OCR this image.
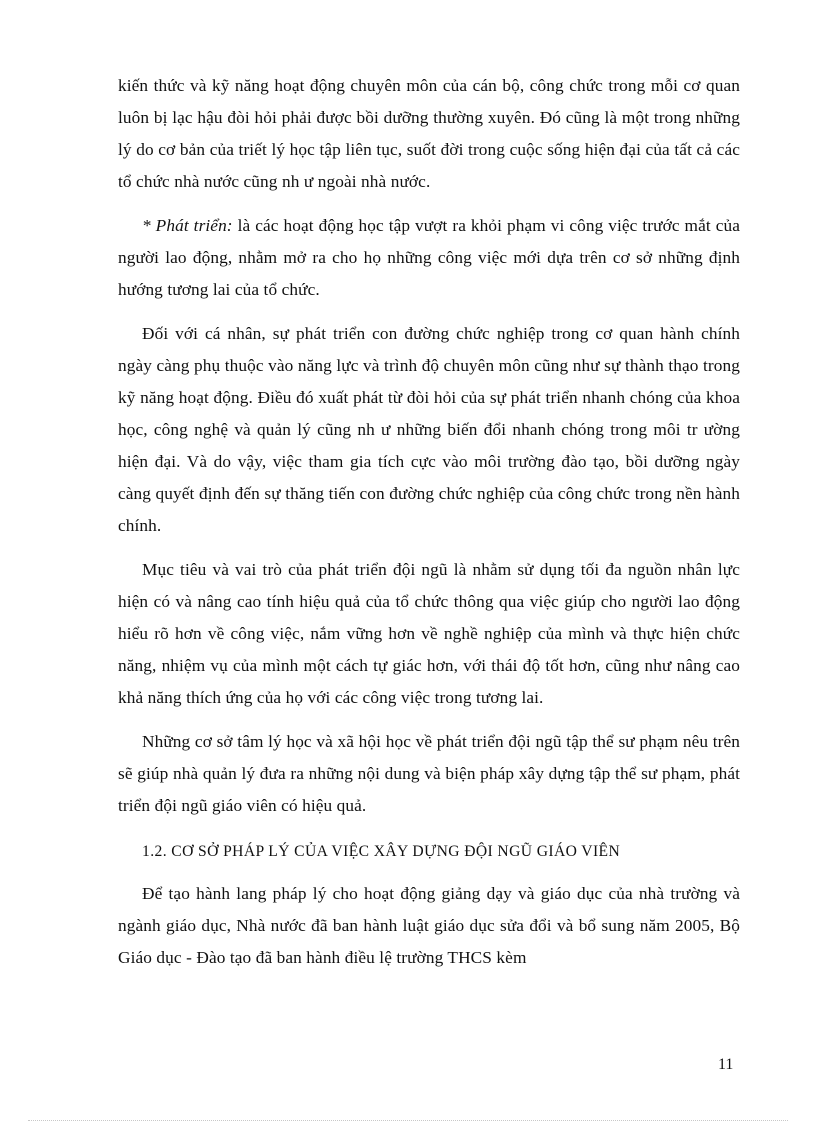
kiến thức và kỹ năng hoạt động chuyên môn của cán bộ, công chức trong mỗi cơ quan luôn bị lạc hậu đòi hỏi phải được bồi dưỡng thường xuyên. Đó cũng là một trong những lý do cơ bản của triết lý học tập liên tục, suốt đời trong cuộc sống hiện đại của tất cả các tổ chức nhà nước cũng nh ư ngoài nhà nước.

* Phát triển: là các hoạt động học tập vượt ra khỏi phạm vi công việc trước mắt của người lao động, nhằm mở ra cho họ những công việc mới dựa trên cơ sở những định hướng tương lai của tổ chức.

Đối với cá nhân, sự phát triển con đường chức nghiệp trong cơ quan hành chính ngày càng phụ thuộc vào năng lực và trình độ chuyên môn cũng như sự thành thạo trong kỹ năng hoạt động. Điều đó xuất phát từ đòi hỏi của sự phát triển nhanh chóng của khoa học, công nghệ và quản lý cũng nh ư những biến đổi nhanh chóng trong môi tr ường hiện đại. Và do vậy, việc tham gia tích cực vào môi trường đào tạo, bồi dưỡng ngày càng quyết định đến sự thăng tiến con đường chức nghiệp của công chức trong nền hành chính.

Mục tiêu và vai trò của phát triển đội ngũ là nhằm sử dụng tối đa nguồn nhân lực hiện có và nâng cao tính hiệu quả của tổ chức thông qua việc giúp cho người lao động hiểu rõ hơn về công việc, nắm vững hơn về nghề nghiệp của mình và thực hiện chức năng, nhiệm vụ của mình một cách tự giác hơn, với thái độ tốt hơn, cũng như nâng cao khả năng thích ứng của họ với các công việc trong tương lai.

Những cơ sở tâm lý học và xã hội học về phát triển đội ngũ tập thể sư phạm nêu trên sẽ giúp nhà quản lý đưa ra những nội dung và biện pháp xây dựng tập thể sư phạm, phát triển đội ngũ giáo viên có hiệu quả.

1.2. CƠ SỞ PHÁP LÝ CỦA VIỆC XÂY DỰNG ĐỘI NGŨ GIÁO VIÊN

Để tạo hành lang pháp lý cho hoạt động giảng dạy và giáo dục của nhà trường và ngành giáo dục, Nhà nước đã ban hành luật giáo dục sửa đổi và bổ sung năm 2005, Bộ Giáo dục - Đào tạo đã ban hành điều lệ trường THCS kèm

11
